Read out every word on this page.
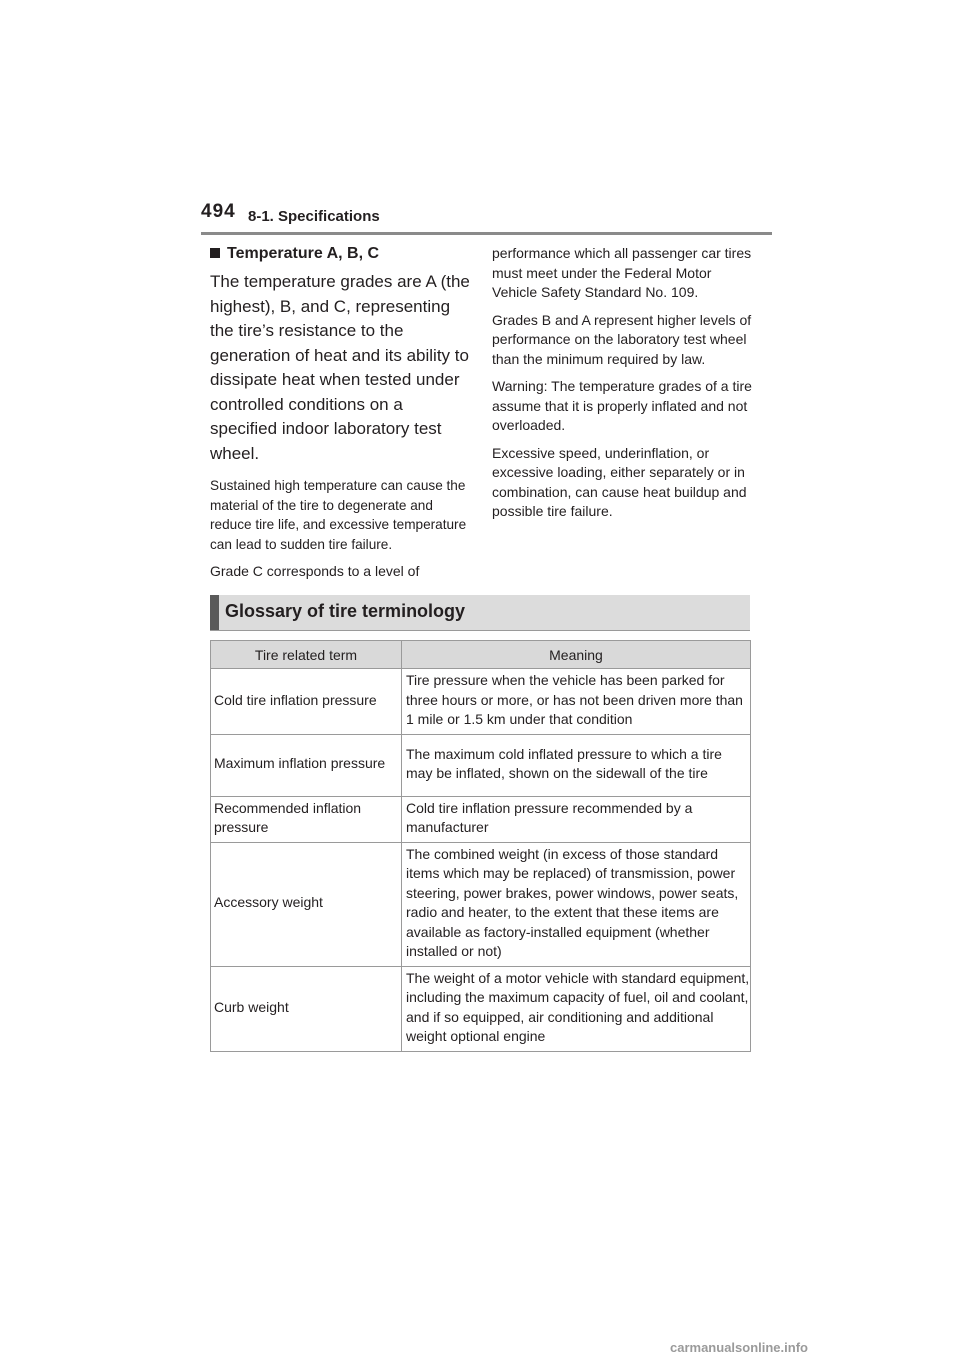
494 8-1. Specifications
Temperature A, B, C

The temperature grades are A (the highest), B, and C, representing the tire’s resistance to the generation of heat and its ability to dissipate heat when tested under controlled conditions on a specified indoor laboratory test wheel.

Sustained high temperature can cause the material of the tire to degenerate and reduce tire life, and excessive temperature can lead to sudden tire failure.

Grade C corresponds to a level of

performance which all passenger car tires must meet under the Federal Motor Vehicle Safety Standard No. 109.

Grades B and A represent higher levels of performance on the laboratory test wheel than the minimum required by law.

Warning: The temperature grades of a tire assume that it is properly inflated and not overloaded.

Excessive speed, underinflation, or excessive loading, either separately or in combination, can cause heat buildup and possible tire failure.

Glossary of tire terminology
Tire related term	Meaning
Cold tire inflation pressure	Tire pressure when the vehicle has been parked for three hours or more, or has not been driven more than 1 mile or 1.5 km under that condition
Maximum inflation pressure	The maximum cold inflated pressure to which a tire may be inflated, shown on the sidewall of the tire
Recommended inflation pressure	Cold tire inflation pressure recommended by a manufacturer
Accessory weight	The combined weight (in excess of those standard items which may be replaced) of transmission, power steering, power brakes, power windows, power seats, radio and heater, to the extent that these items are available as factory-installed equipment (whether installed or not)
Curb weight	The weight of a motor vehicle with standard equipment, including the maximum capacity of fuel, oil and coolant, and if so equipped, air conditioning and additional weight optional engine
carmanualsonline.info
